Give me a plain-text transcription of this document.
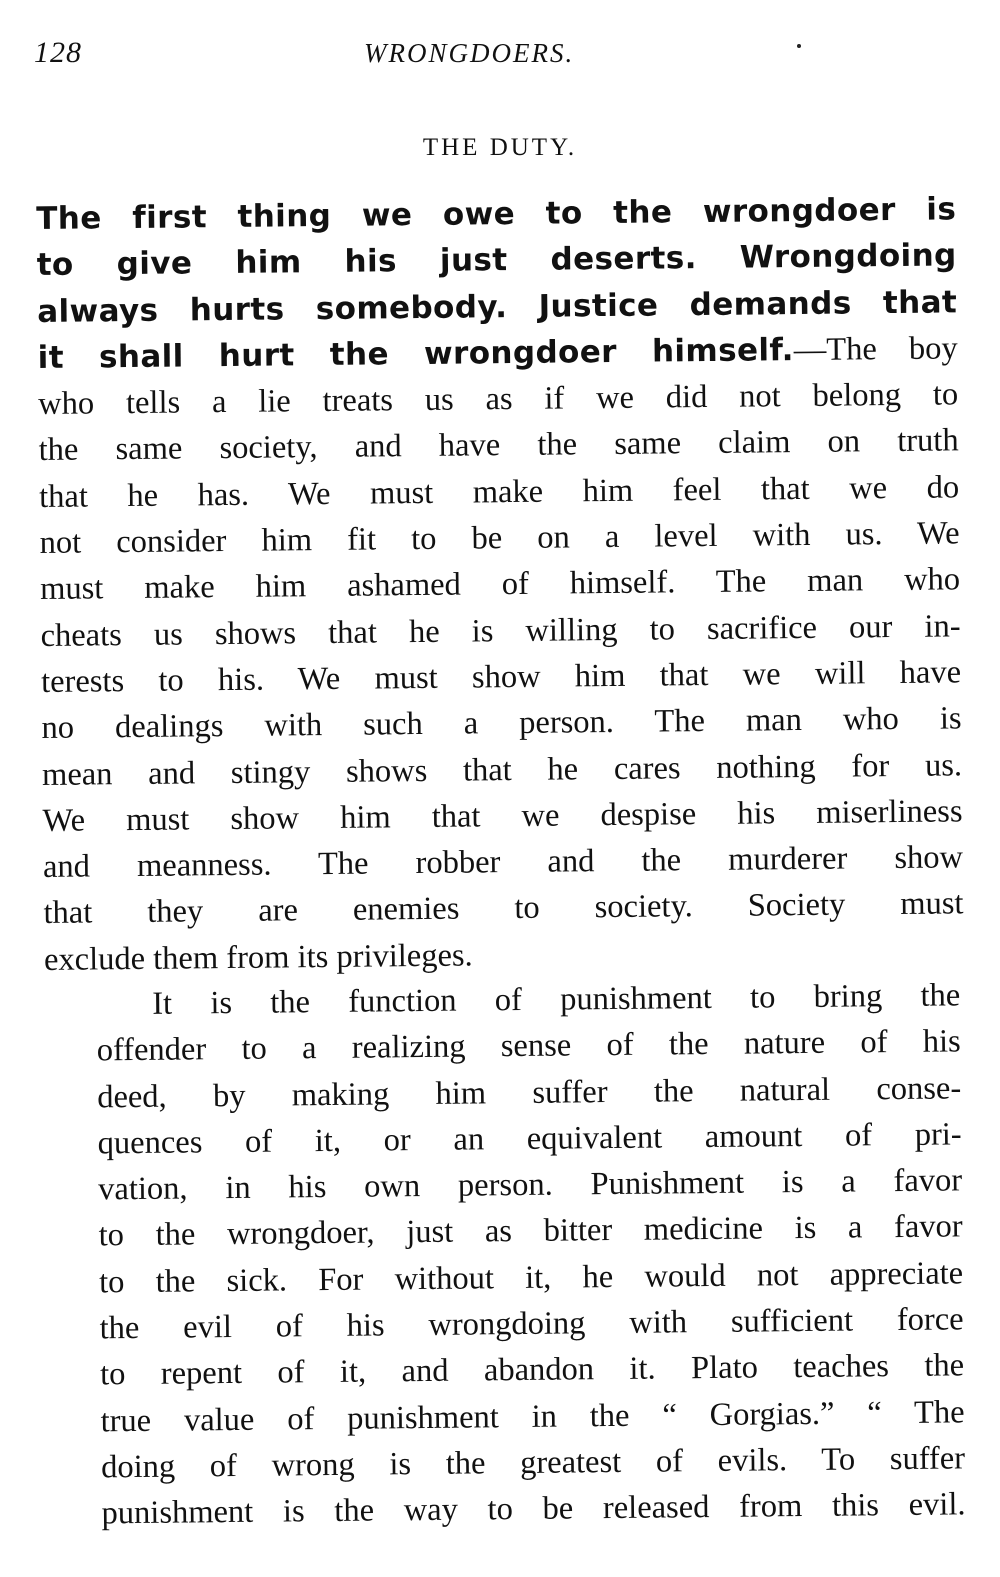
128	WRONGDOERS.
THE DUTY.
The first thing we owe to the wrongdoer is
to give him his just deserts. Wrongdoing
always hurts somebody. Justice demands that
it shall hurt the wrongdoer himself.—The boy
who tells a lie treats us as if we did not belong to
the same society, and have the same claim on truth
that he has. We must make him feel that we do
not consider him fit to be on a level with us. We
must make him ashamed of himself. The man who
cheats us shows that he is willing to sacrifice our in-
terests to his. We must show him that we will have
no dealings with such a person. The man who is
mean and stingy shows that he cares nothing for us.
We must show him that we despise his miserliness
and meanness. The robber and the murderer show
that they are enemies to society. Society must
exclude them from its privileges.
It is the function of punishment to bring the
offender to a realizing sense of the nature of his
deed, by making him suffer the natural conse-
quences of it, or an equivalent amount of pri-
vation, in his own person. Punishment is a favor
to the wrongdoer, just as bitter medicine is a favor
to the sick. For without it, he would not appreciate
the evil of his wrongdoing with sufficient force
to repent of it, and abandon it. Plato teaches the
true value of punishment in the “ Gorgias.” “ The
doing of wrong is the greatest of evils. To suffer
punishment is the way to be released from this evil.
